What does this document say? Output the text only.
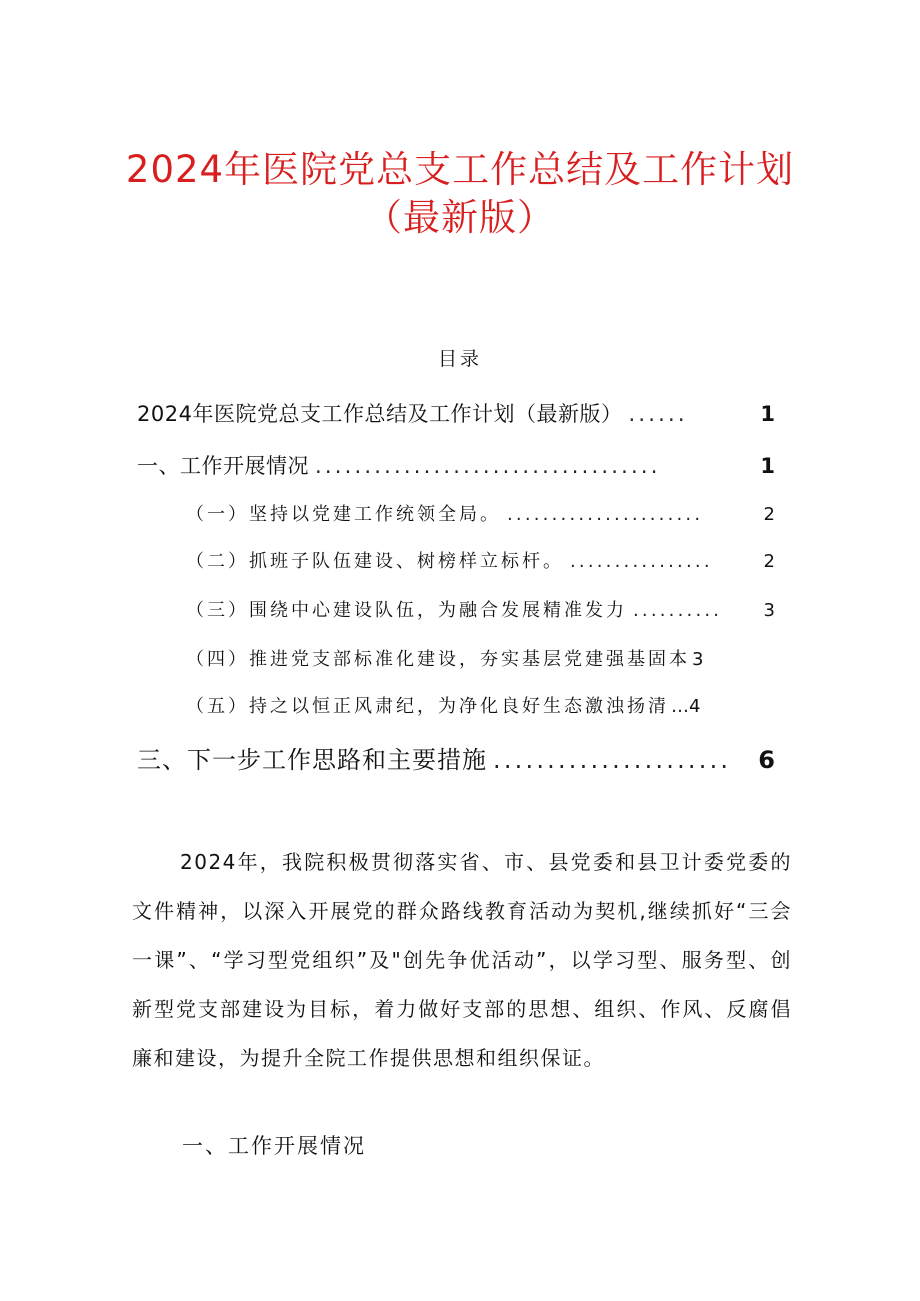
2024年医院党总支工作总结及工作计划
（最新版）
目录
2024年医院党总支工作总结及工作计划（最新版） ......	1
一、工作开展情况 ...................................	1
（一）坚持以党建工作统领全局。 ......................	2
（二）抓班子队伍建设、树榜样立标杆。 ................	2
（三）围绕中心建设队伍，为融合发展精准发力 ..........	3
（四）推进党支部标准化建设，夯实基层党建强基固本 3
（五）持之以恒正风肃纪，为净化良好生态激浊扬清 … 4
三、下一步工作思路和主要措施 ......................	6
2024年，我院积极贯彻落实省、市、县党委和县卫计委党委的文件精神，以深入开展党的群众路线教育活动为契机,继续抓好“三会一课”、“学习型党组织”及"创先争优活动”，以学习型、服务型、创新型党支部建设为目标，着力做好支部的思想、组织、作风、反腐倡廉和建设，为提升全院工作提供思想和组织保证。
一、工作开展情况
